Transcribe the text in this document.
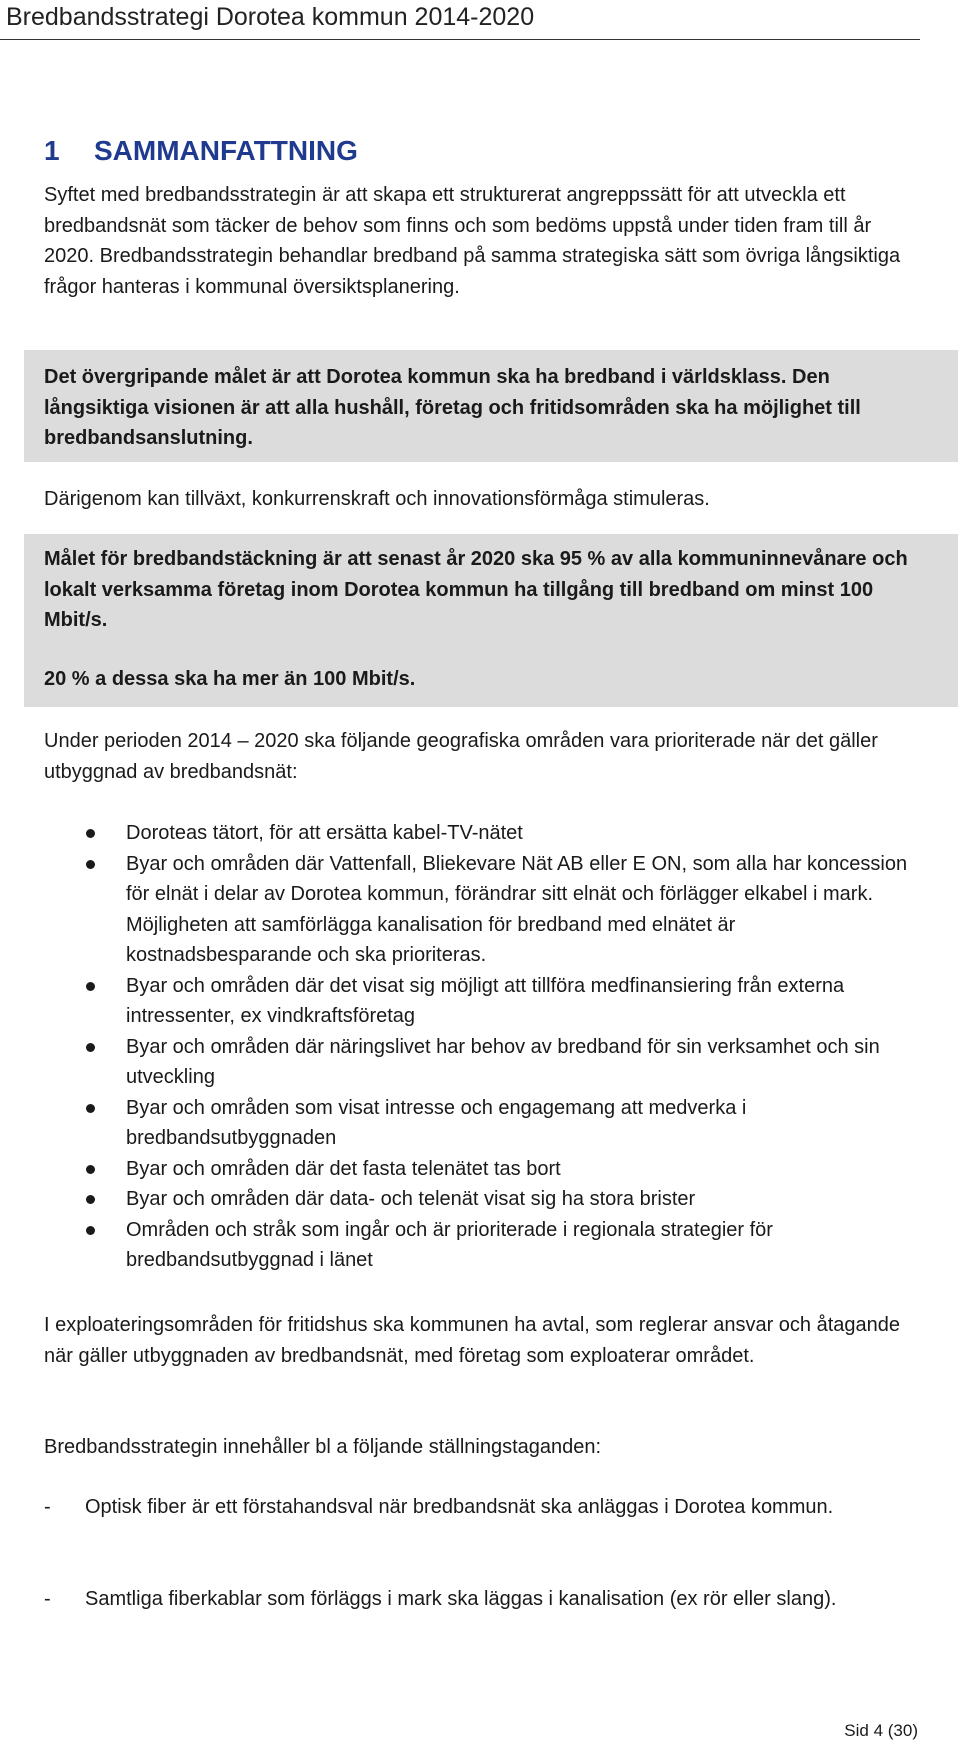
Bredbandsstrategi Dorotea kommun 2014-2020
1 SAMMANFATTNING
Syftet med bredbandsstrategin är att skapa ett strukturerat angreppssätt för att utveckla ett bredbandsnät som täcker de behov som finns och som bedöms uppstå under tiden fram till år 2020. Bredbandsstrategin behandlar bredband på samma strategiska sätt som övriga långsiktiga frågor hanteras i kommunal översiktsplanering.
Det övergripande målet är att Dorotea kommun ska ha bredband i världsklass. Den långsiktiga visionen är att alla hushåll, företag och fritidsområden ska ha möjlighet till bredbandsanslutning.
Därigenom kan tillväxt, konkurrenskraft och innovationsförmåga stimuleras.
Målet för bredbandstäckning är att senast år 2020 ska 95 % av alla kommuninnevånare och lokalt verksamma företag inom Dorotea kommun ha tillgång till bredband om minst 100 Mbit/s.
20 % a dessa ska ha mer än 100 Mbit/s.
Under perioden 2014 – 2020 ska följande geografiska områden vara prioriterade när det gäller utbyggnad av bredbandsnät:
Doroteas tätort, för att ersätta kabel-TV-nätet
Byar och områden där Vattenfall, Bliekevare Nät AB eller E ON, som alla har koncession för elnät i delar av Dorotea kommun, förändrar sitt elnät och förlägger elkabel i mark. Möjligheten att samförlägga kanalisation för bredband med elnätet är kostnadsbesparande och ska prioriteras.
Byar och områden där det visat sig möjligt att tillföra medfinansiering från externa intressenter, ex vindkraftsföretag
Byar och områden där näringslivet har behov av bredband för sin verksamhet och sin utveckling
Byar och områden som visat intresse och engagemang att medverka i bredbandsutbyggnaden
Byar och områden där det fasta telenätet tas bort
Byar och områden där data- och telenät visat sig ha stora brister
Områden och stråk som ingår och är prioriterade i regionala strategier för bredbandsutbyggnad i länet
I exploateringsområden för fritidshus ska kommunen ha avtal, som reglerar ansvar och åtagande när gäller utbyggnaden av bredbandsnät, med företag som exploaterar området.
Bredbandsstrategin innehåller bl a följande ställningstaganden:
-	Optisk fiber är ett förstahandsval när bredbandsnät ska anläggas i Dorotea kommun.
-	Samtliga fiberkablar som förläggs i mark ska läggas i kanalisation (ex rör eller slang).
Sid 4 (30)
